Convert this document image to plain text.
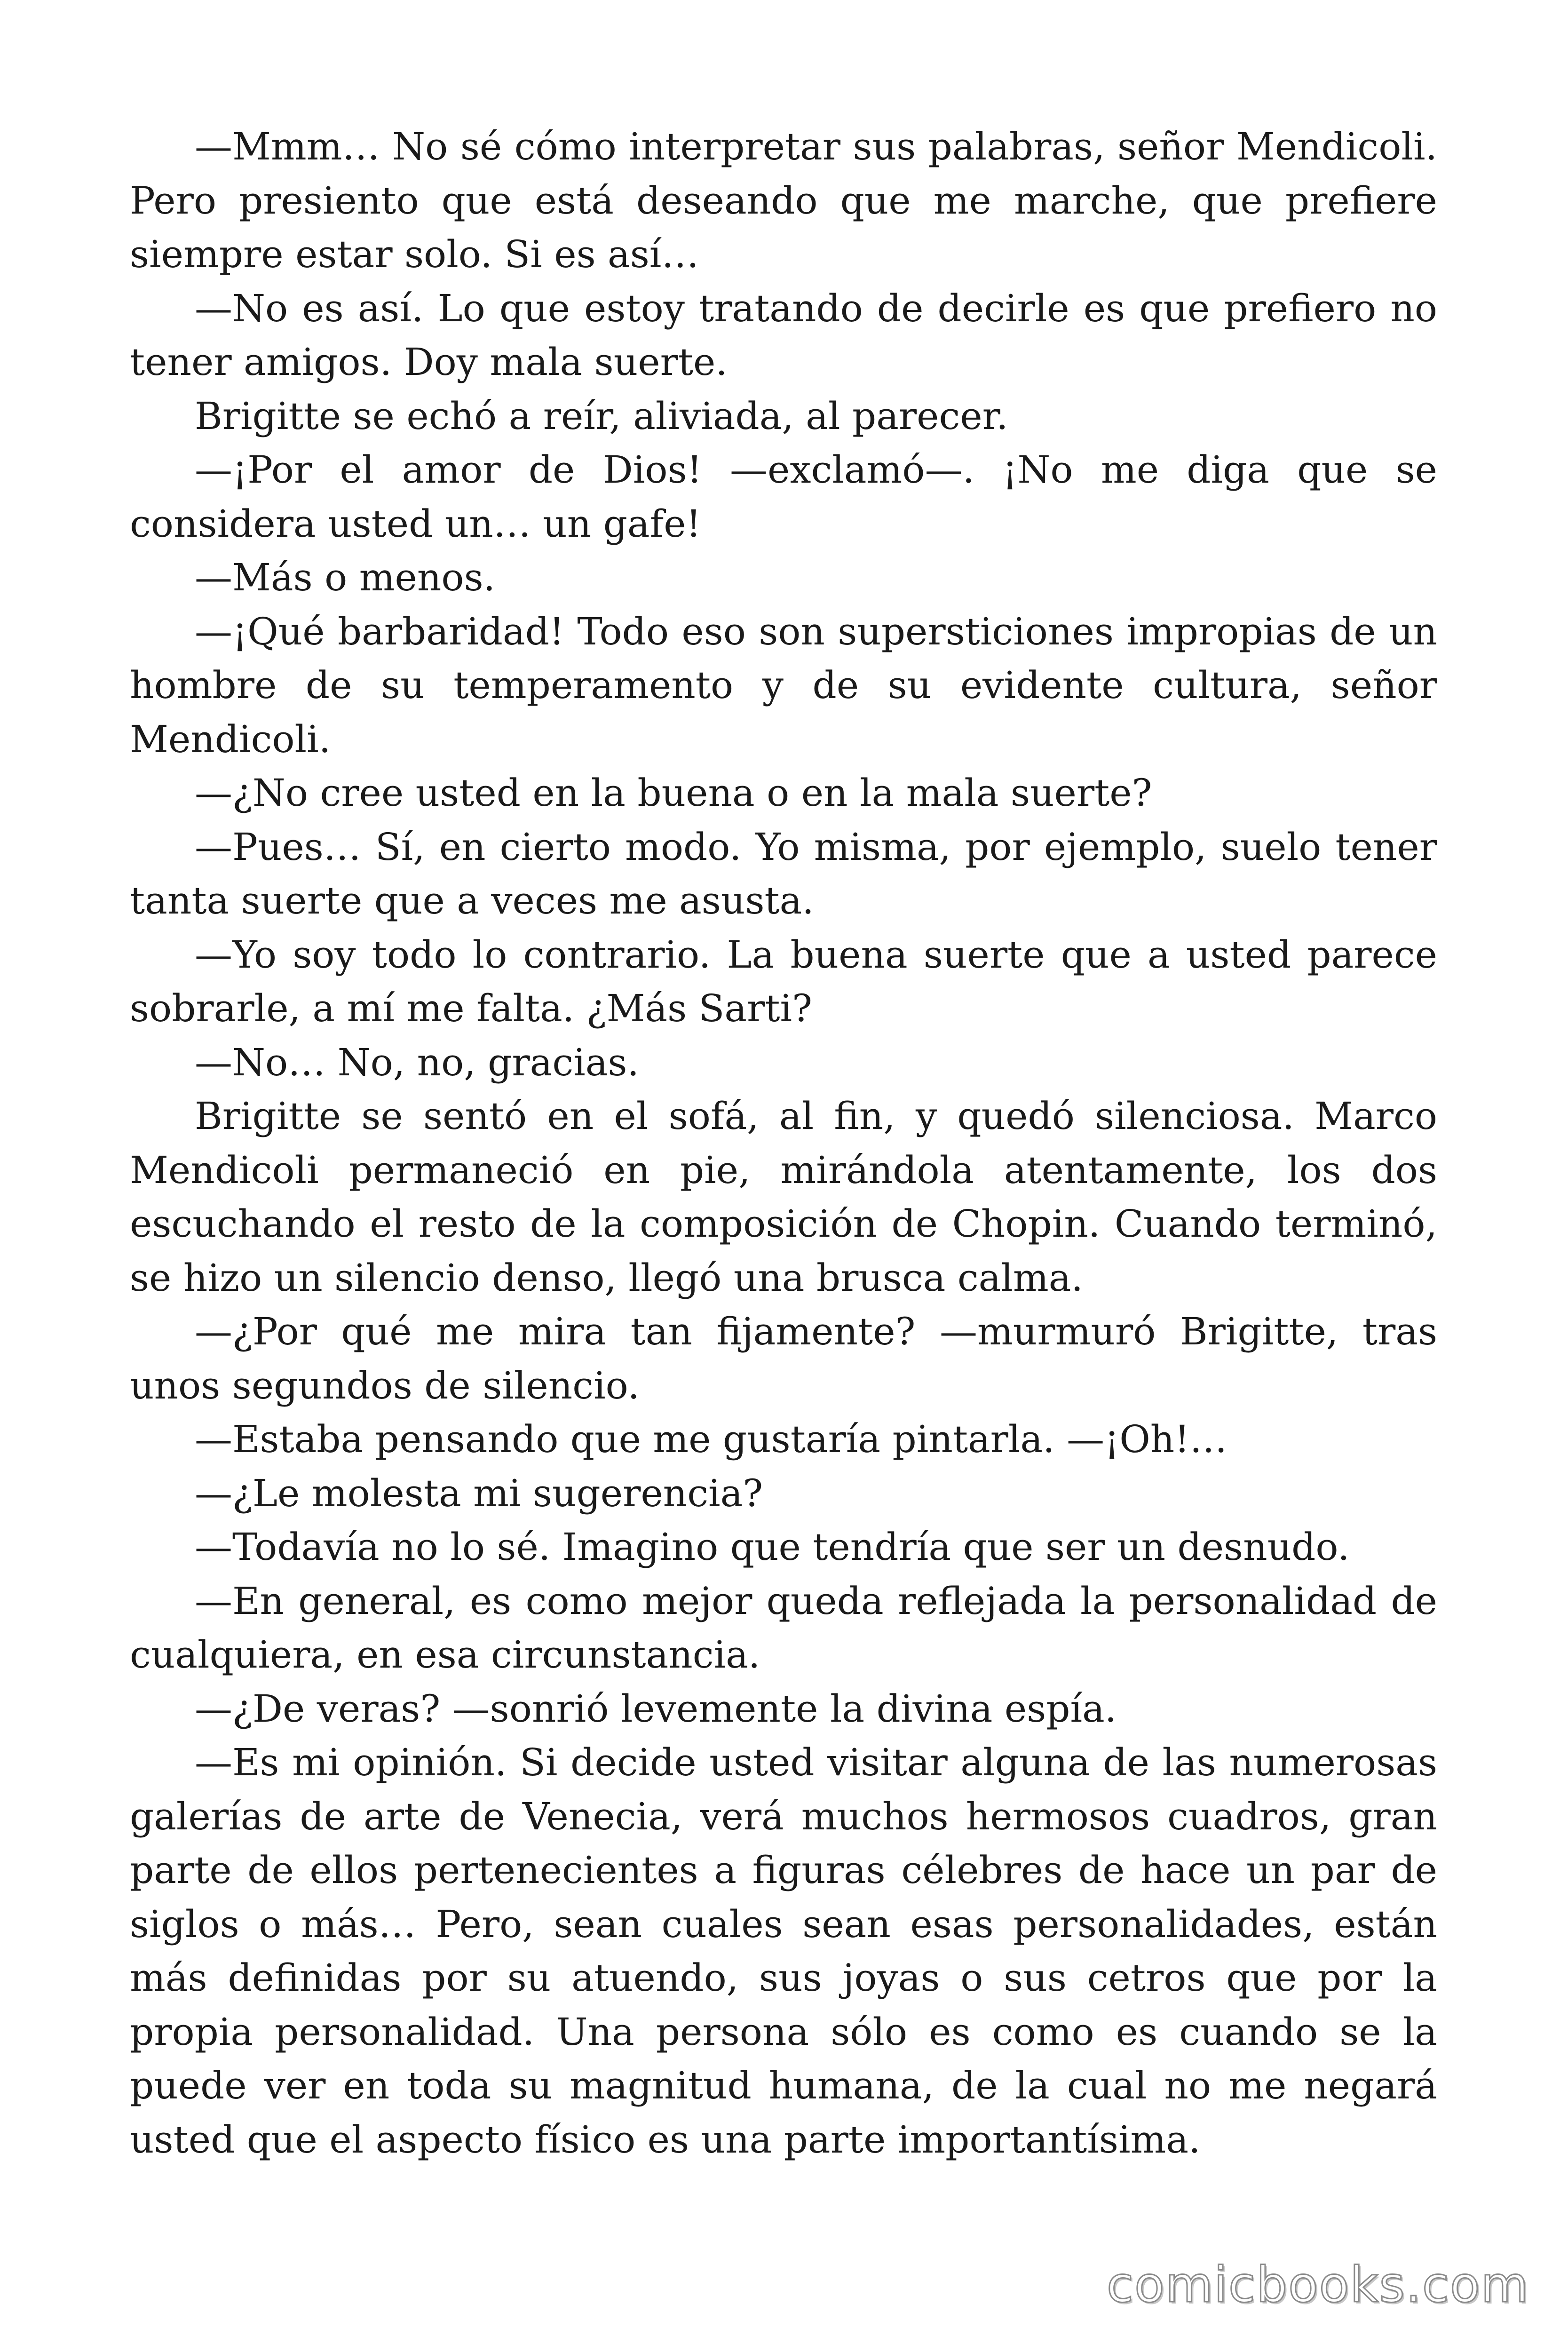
—Mmm… No sé cómo interpretar sus palabras, señor Mendicoli. Pero presiento que está deseando que me marche, que prefiere siempre estar solo. Si es así…

—No es así. Lo que estoy tratando de decirle es que prefiero no tener amigos. Doy mala suerte.

Brigitte se echó a reír, aliviada, al parecer.

—¡Por el amor de Dios! —exclamó—. ¡No me diga que se considera usted un… un gafe!

—Más o menos.

—¡Qué barbaridad! Todo eso son supersticiones impropias de un hombre de su temperamento y de su evidente cultura, señor Mendicoli.

—¿No cree usted en la buena o en la mala suerte?

—Pues… Sí, en cierto modo. Yo misma, por ejemplo, suelo tener tanta suerte que a veces me asusta.

—Yo soy todo lo contrario. La buena suerte que a usted parece sobrarle, a mí me falta. ¿Más Sarti?

—No… No, no, gracias.

Brigitte se sentó en el sofá, al fin, y quedó silenciosa. Marco Mendicoli permaneció en pie, mirándola atentamente, los dos escuchando el resto de la composición de Chopin. Cuando terminó, se hizo un silencio denso, llegó una brusca calma.

—¿Por qué me mira tan fijamente? —murmuró Brigitte, tras unos segundos de silencio.

—Estaba pensando que me gustaría pintarla. —¡Oh!…

—¿Le molesta mi sugerencia?

—Todavía no lo sé. Imagino que tendría que ser un desnudo.

—En general, es como mejor queda reflejada la personalidad de cualquiera, en esa circunstancia.

—¿De veras? —sonrió levemente la divina espía.

—Es mi opinión. Si decide usted visitar alguna de las numerosas galerías de arte de Venecia, verá muchos hermosos cuadros, gran parte de ellos pertenecientes a figuras célebres de hace un par de siglos o más… Pero, sean cuales sean esas personalidades, están más definidas por su atuendo, sus joyas o sus cetros que por la propia personalidad. Una persona sólo es como es cuando se la puede ver en toda su magnitud humana, de la cual no me negará usted que el aspecto físico es una parte importantísima.

comicbooks.com
